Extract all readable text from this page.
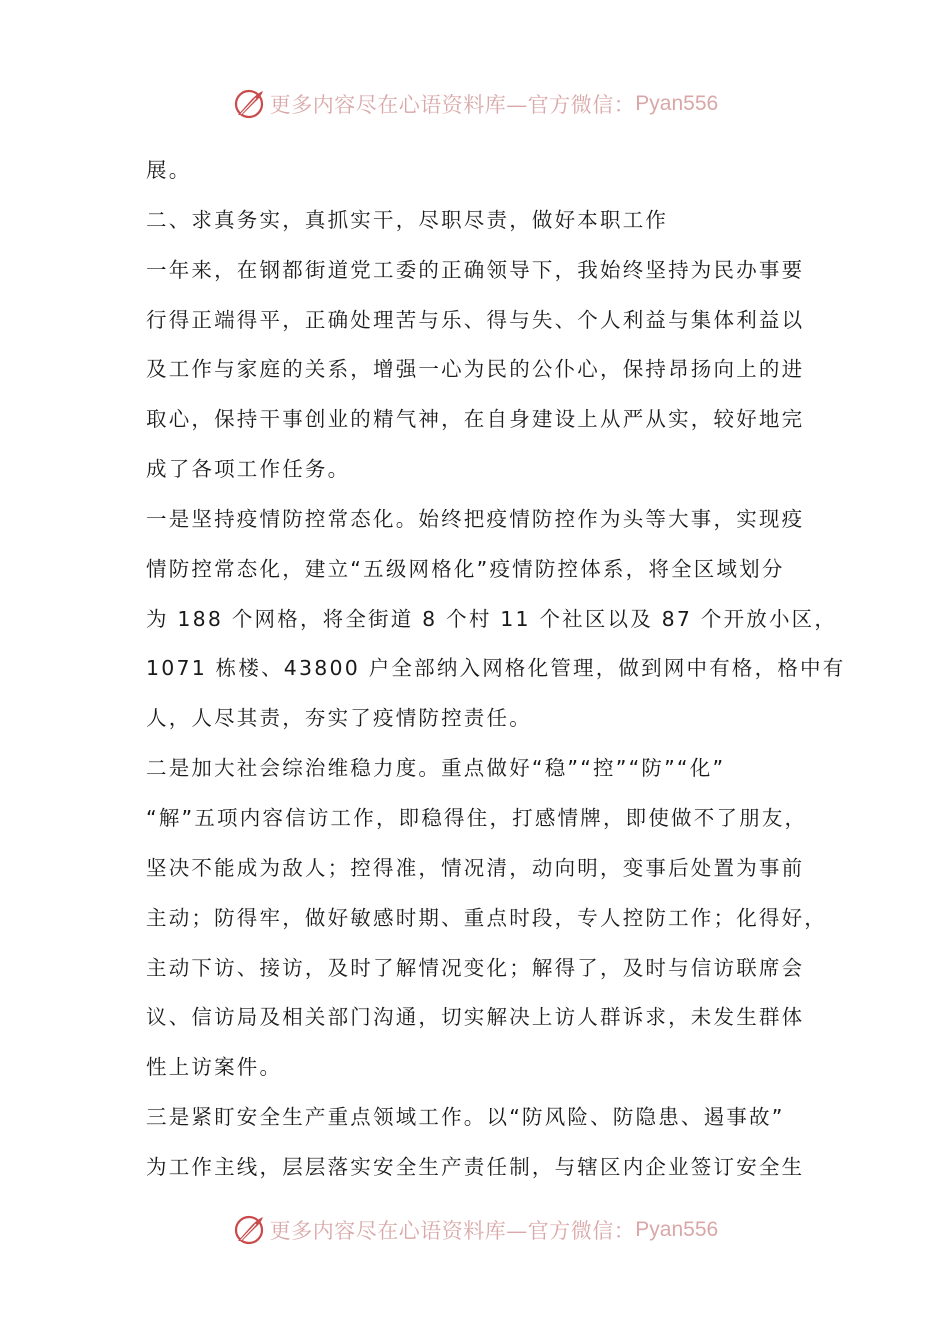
更多内容尽在心语资料库—官方微信： Pyan556
展。
二、求真务实，真抓实干，尽职尽责，做好本职工作
一年来，在钢都街道党工委的正确领导下，我始终坚持为民办事要
行得正端得平，正确处理苦与乐、得与失、个人利益与集体利益以
及工作与家庭的关系，增强一心为民的公仆心，保持昂扬向上的进
取心，保持干事创业的精气神，在自身建设上从严从实，较好地完
成了各项工作任务。
一是坚持疫情防控常态化。始终把疫情防控作为头等大事，实现疫
情防控常态化，建立“五级网格化”疫情防控体系，将全区域划分
为 188 个网格，将全街道 8 个村 11 个社区以及 87 个开放小区，
1071 栋楼、43800 户全部纳入网格化管理，做到网中有格，格中有
人，人尽其责，夯实了疫情防控责任。
二是加大社会综治维稳力度。重点做好“稳”“控”“防”“化”
“解”五项内容信访工作，即稳得住，打感情牌，即使做不了朋友，
坚决不能成为敌人；控得准，情况清，动向明，变事后处置为事前
主动；防得牢，做好敏感时期、重点时段，专人控防工作；化得好，
主动下访、接访，及时了解情况变化；解得了，及时与信访联席会
议、信访局及相关部门沟通，切实解决上访人群诉求，未发生群体
性上访案件。
三是紧盯安全生产重点领域工作。以“防风险、防隐患、遏事故”
为工作主线，层层落实安全生产责任制，与辖区内企业签订安全生
更多内容尽在心语资料库—官方微信： Pyan556
